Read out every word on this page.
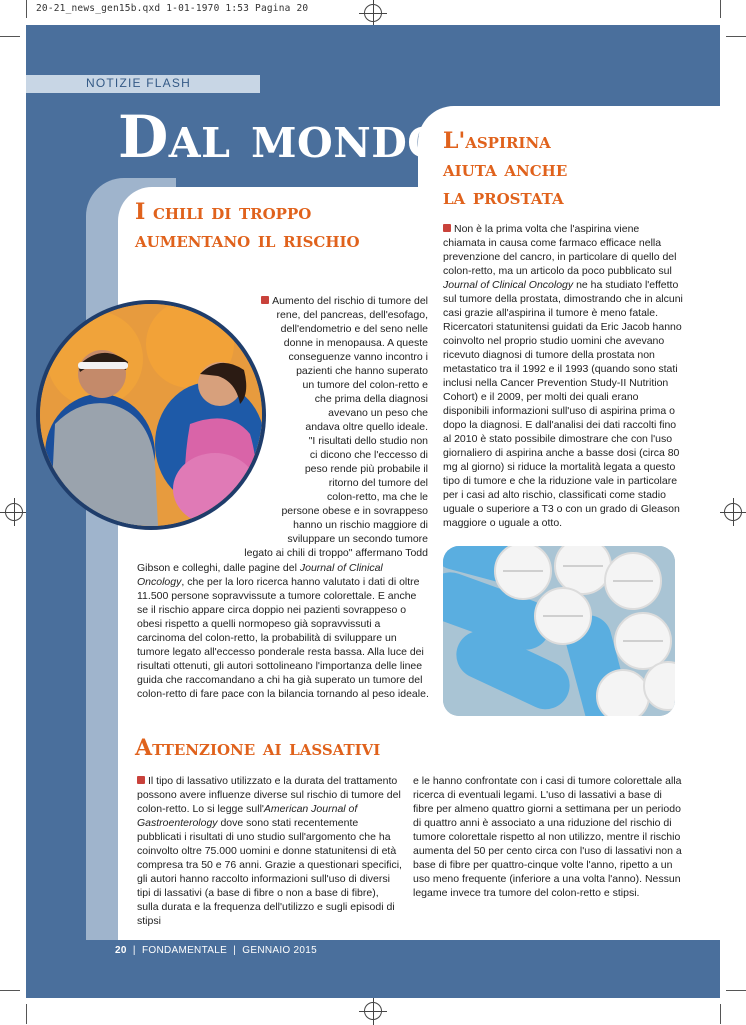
20-21_news_gen15b.qxd 1-01-1970 1:53 Pagina 20
NOTIZIE FLASH
Dal mondo
I chili di troppo aumentano il rischio
Aumento del rischio di tumore del
rene, del pancreas, dell'esofago,
dell'endometrio e del seno nelle
donne in menopausa. A queste
conseguenze vanno incontro i
pazienti che hanno superato
un tumore del colon-retto e
che prima della diagnosi
avevano un peso che
andava oltre quello ideale.
"I risultati dello studio non
ci dicono che l'eccesso di
peso rende più probabile il
ritorno del tumore del
colon-retto, ma che le
persone obese e in sovrappeso
hanno un rischio maggiore di
sviluppare un secondo tumore
legato ai chili di troppo" affermano Todd
Gibson e colleghi, dalle pagine del Journal of Clinical Oncology, che per la loro ricerca hanno valutato i dati di oltre 11.500 persone sopravvissute a tumore colorettale. E anche se il rischio appare circa doppio nei pazienti sovrappeso o obesi rispetto a quelli normopeso già sopravvissuti a carcinoma del colon-retto, la probabilità di sviluppare un tumore legato all'eccesso ponderale resta bassa. Alla luce dei risultati ottenuti, gli autori sottolineano l'importanza delle linee guida che raccomandano a chi ha già superato un tumore del colon-retto di fare pace con la bilancia tornando al peso ideale.
L'aspirina
aiuta anche
la prostata
Non è la prima volta che l'aspirina viene chiamata in causa come farmaco efficace nella prevenzione del cancro, in particolare di quello del colon-retto, ma un articolo da poco pubblicato sul Journal of Clinical Oncology ne ha studiato l'effetto sul tumore della prostata, dimostrando che in alcuni casi grazie all'aspirina il tumore è meno fatale. Ricercatori statunitensi guidati da Eric Jacob hanno coinvolto nel proprio studio uomini che avevano ricevuto diagnosi di tumore della prostata non metastatico tra il 1992 e il 1993 (quando sono stati inclusi nella Cancer Prevention Study-II Nutrition Cohort) e il 2009, per molti dei quali erano disponibili informazioni sull'uso di aspirina prima o dopo la diagnosi. E dall'analisi dei dati raccolti fino al 2010 è stato possibile dimostrare che con l'uso giornaliero di aspirina anche a basse dosi (circa 80 mg al giorno) si riduce la mortalità legata a questo tipo di tumore e che la riduzione vale in particolare per i casi ad alto rischio, classificati come stadio uguale o superiore a T3 o con un grado di Gleason maggiore o uguale a otto.
Attenzione ai lassativi
Il tipo di lassativo utilizzato e la durata del trattamento possono avere influenze diverse sul rischio di tumore del colon-retto. Lo si legge sull'American Journal of Gastroenterology dove sono stati recentemente pubblicati i risultati di uno studio sull'argomento che ha coinvolto oltre 75.000 uomini e donne statunitensi di età compresa tra 50 e 76 anni. Grazie a questionari specifici, gli autori hanno raccolto informazioni sull'uso di diversi tipi di lassativi (a base di fibre o non a base di fibre), sulla durata e la frequenza dell'utilizzo e sugli episodi di stipsi
e le hanno confrontate con i casi di tumore colorettale alla ricerca di eventuali legami. L'uso di lassativi a base di fibre per almeno quattro giorni a settimana per un periodo di quattro anni è associato a una riduzione del rischio di tumore colorettale rispetto al non utilizzo, mentre il rischio aumenta del 50 per cento circa con l'uso di lassativi non a base di fibre per quattro-cinque volte l'anno, ripetto a un uso meno frequente (inferiore a una volta l'anno). Nessun legame invece tra tumore del colon-retto e stipsi.
20  |  FONDAMENTALE  |  GENNAIO 2015
